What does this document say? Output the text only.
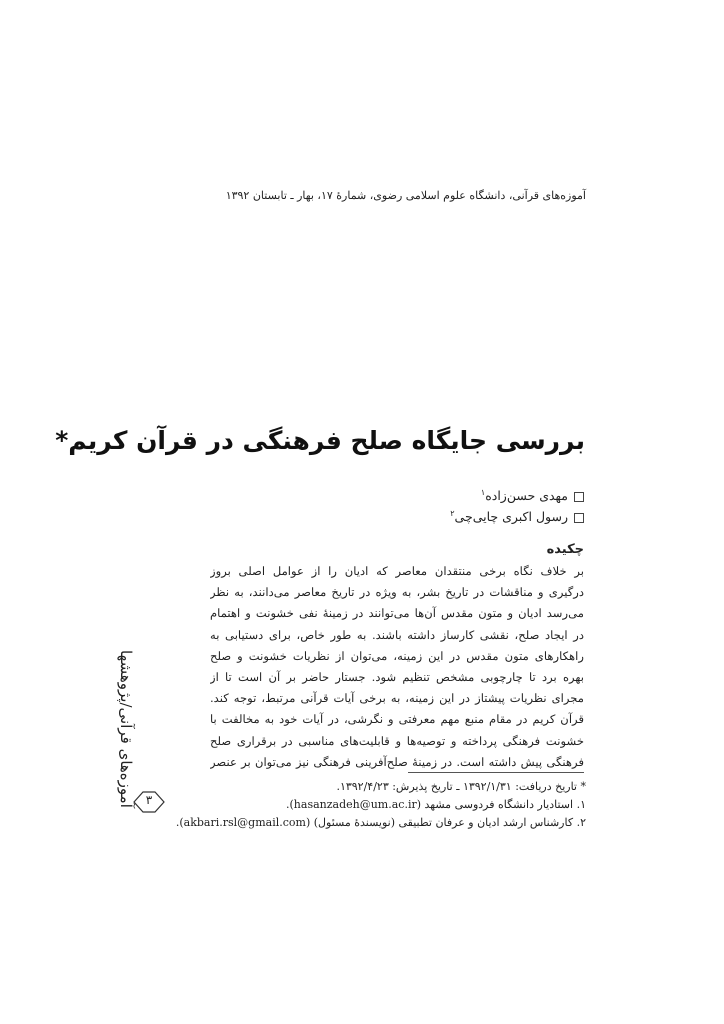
آموزه‌های قرآنی، دانشگاه علوم اسلامی رضوی، شمارهٔ ۱۷، بهار ـ تابستان ۱۳۹۲
بررسی جایگاه صلح فرهنگی در قرآن کریم*
مهدی حسن‌زاده$^۱$
رسول اکبری چایی‌چی$^۲$
چکیده
بر خلاف نگاه برخی منتقدان معاصر که ادیان را از عوامل اصلی بروز
درگیری و مناقشات در تاریخ بشر، به ویژه در تاریخ معاصر می‌دانند، به نظر
می‌رسد ادیان و متون مقدس آن‌ها می‌توانند در زمینهٔ نفی خشونت و اهتمام
در ایجاد صلح، نقشی کارساز داشته باشند. به طور خاص، برای دستیابی به
راهکارهای متون مقدس در این زمینه، می‌توان از نظریات خشونت و صلح
بهره برد تا چارچوبی مشخص تنظیم شود. جستار حاضر بر آن است تا از
مجرای نظریات پیشتاز در این زمینه، به برخی آیات قرآنی مرتبط، توجه کند.
قرآن کریم در مقام منبع مهم معرفتی و نگرشی، در آیات خود به مخالفت با
خشونت فرهنگی پرداخته و توصیه‌ها و قابلیت‌های مناسبی در برقراری صلح
فرهنگی پیش داشته است. در زمینهٔ صلح‌آفرینی فرهنگی نیز می‌توان بر عنصر
* تاریخ دریافت: ۱۳۹۲/۱/۳۱ ـ تاریخ پذیرش: ۱۳۹۲/۴/۲۳.
۱. استادیار دانشگاه فردوسی مشهد (hasanzadeh@um.ac.ir).
۲. کارشناس ارشد ادیان و عرفان تطبیقی (نویسندهٔ مسئول) (akbari.rsl@gmail.com).
آموزه‌های قرآنی/پژوهشها ۳
